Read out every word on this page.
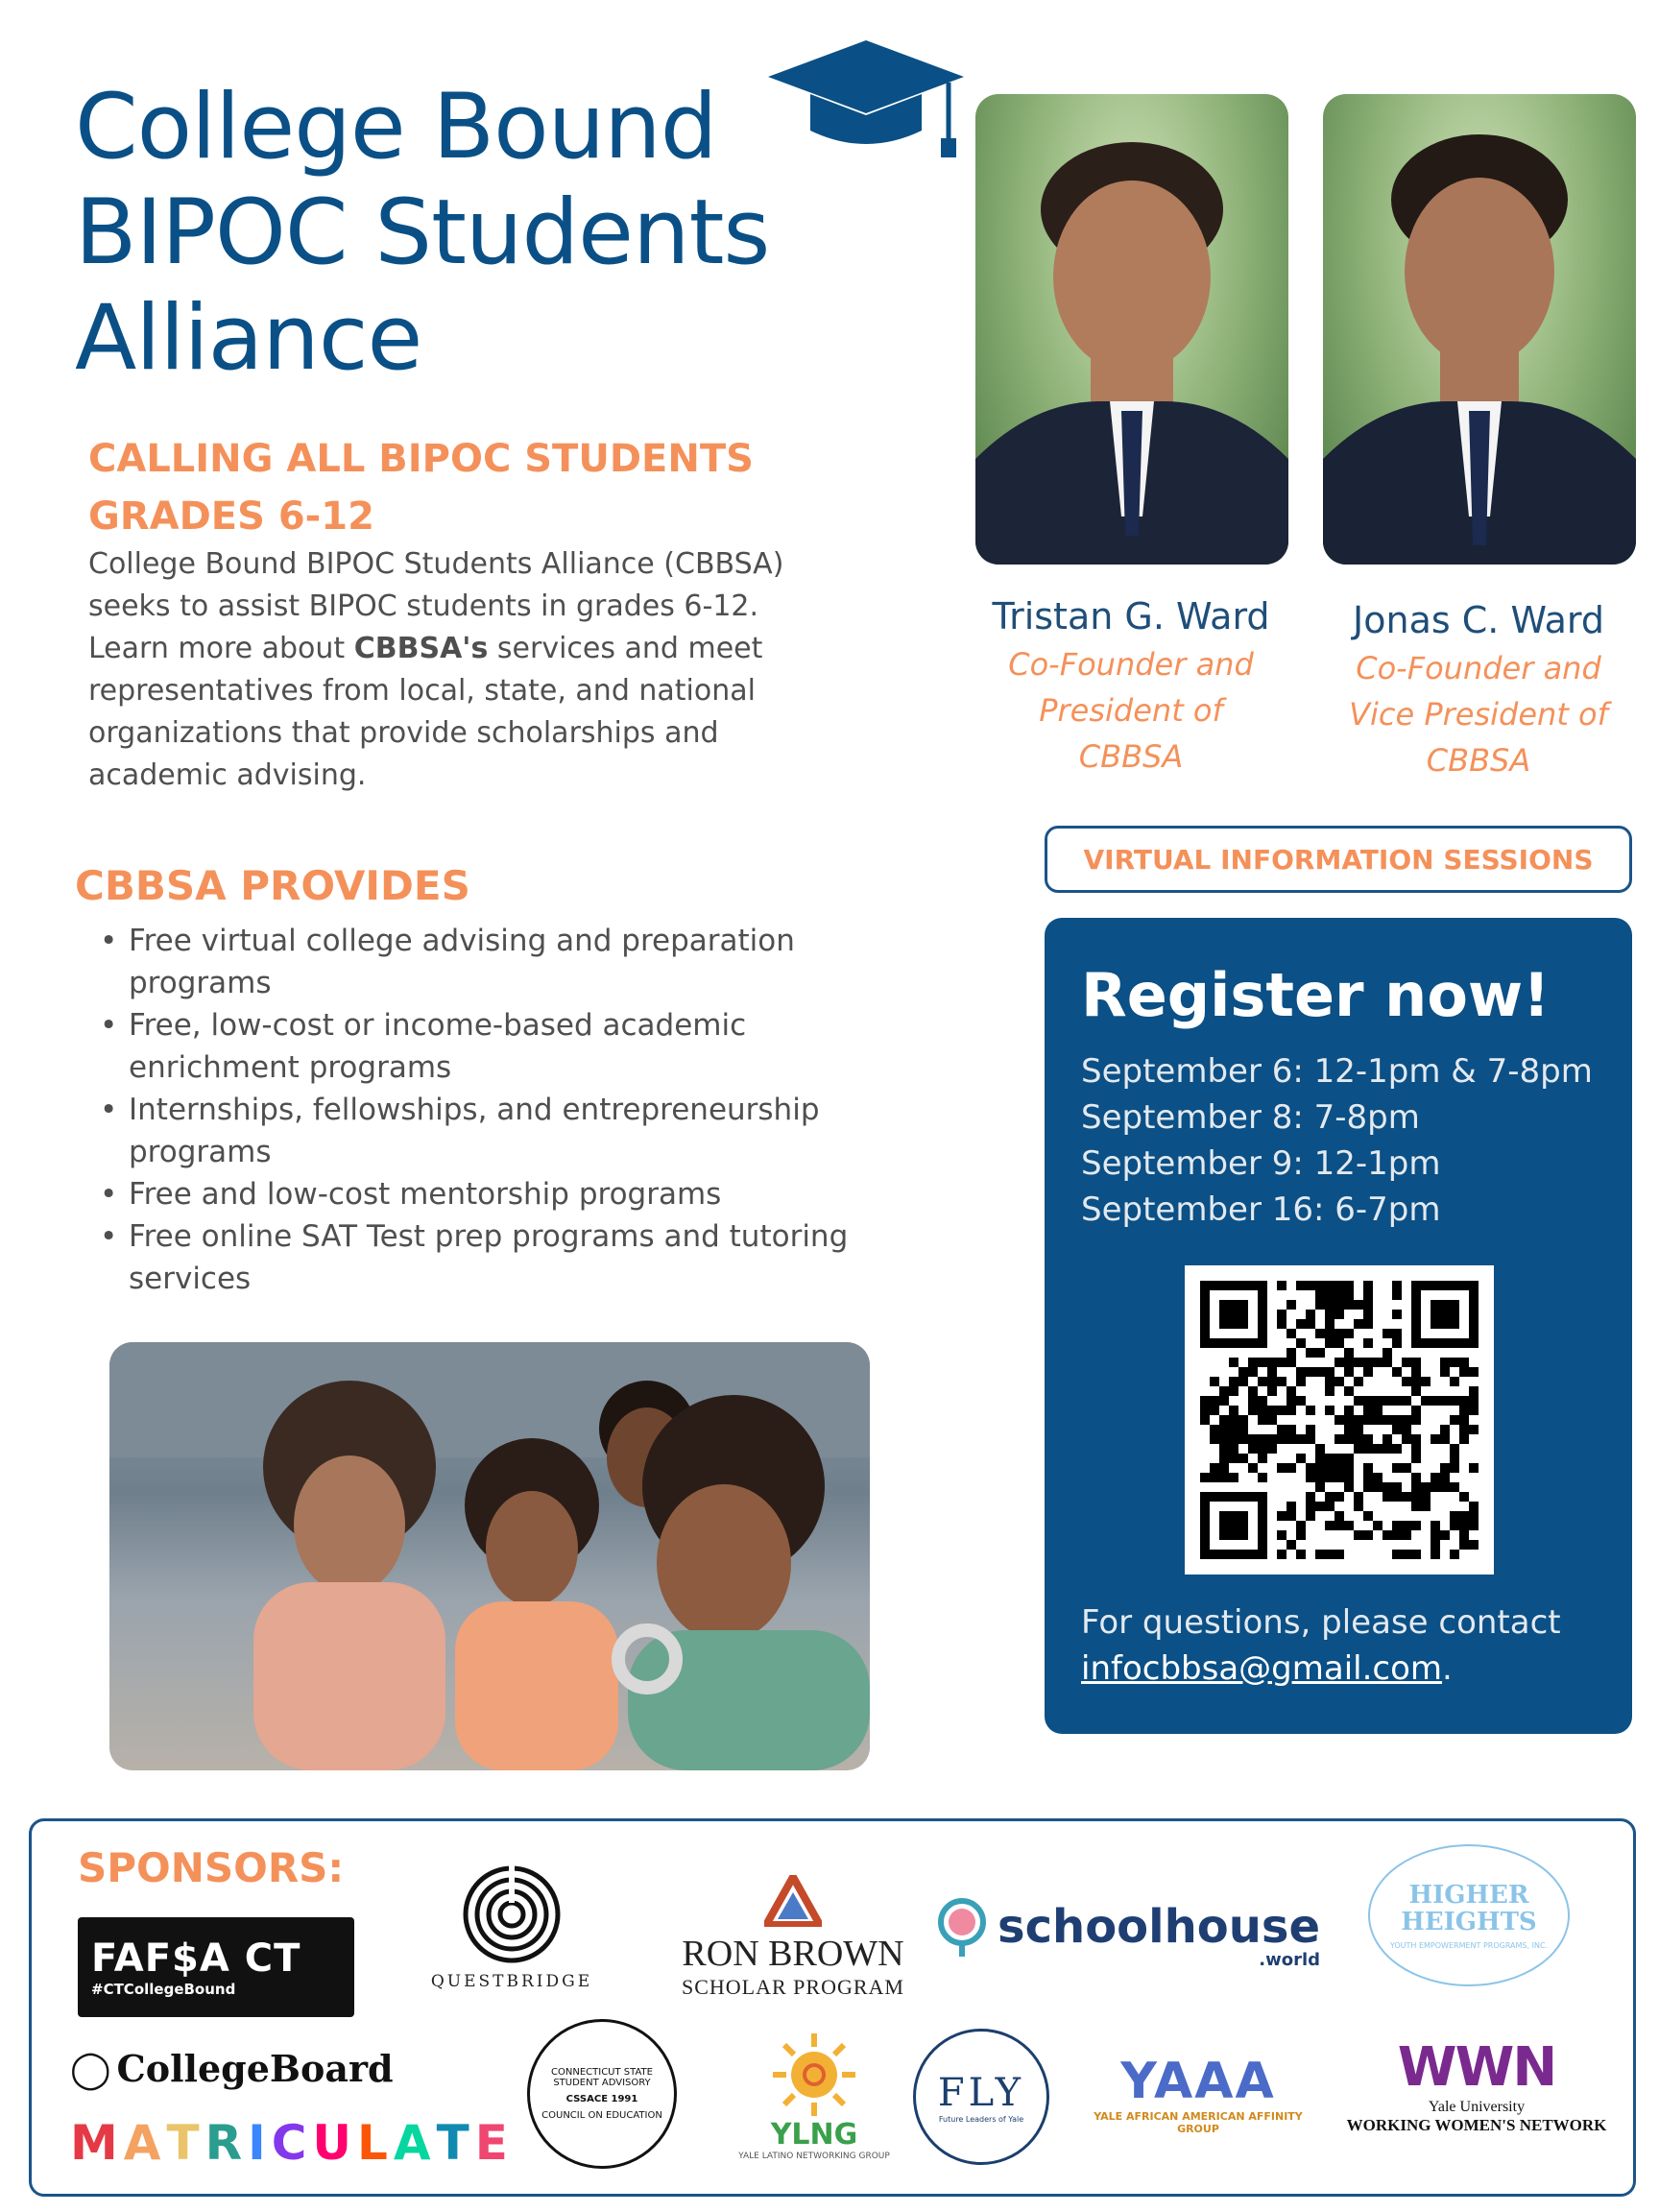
College Bound
BIPOC Students
Alliance
CALLING ALL BIPOC STUDENTS
GRADES 6-12

College Bound BIPOC Students Alliance (CBBSA) seeks to assist BIPOC students in grades 6-12. Learn more about CBBSA's services and meet representatives from local, state, and national organizations that provide scholarships and academic advising.

CBBSA PROVIDES
• Free virtual college advising and preparation programs
• Free, low-cost or income-based academic enrichment programs
• Internships, fellowships, and entrepreneurship programs
• Free and low-cost mentorship programs
• Free online SAT Test prep programs and tutoring services
Tristan G. Ward
Co-Founder and
President of
CBBSA
Jonas C. Ward
Co-Founder and
Vice President of
CBBSA
VIRTUAL INFORMATION SESSIONS
Register now!
September 6: 12-1pm & 7-8pm
September 8: 7-8pm
September 9: 12-1pm
September 16: 6-7pm

For questions, please contact infocbbsa@gmail.com.

SPONSORS:
FAF$A CT
#CTCollegeBound
◯ CollegeBoard
M A T R I C U L A T E
QUESTBRIDGE
RON BROWN
SCHOLAR PROGRAM
schoolhouse
.world
HIGHER
HEIGHTS
YOUTH EMPOWERMENT PROGRAMS, INC.
CONNECTICUT STATE STUDENT ADVISORY
CSSACE 1991
COUNCIL ON EDUCATION
YLNG
YALE LATINO NETWORKING GROUP
FLY
Future Leaders of Yale
YAAA
YALE AFRICAN AMERICAN AFFINITY GROUP
WWN
Yale University
WORKING WOMEN'S NETWORK
